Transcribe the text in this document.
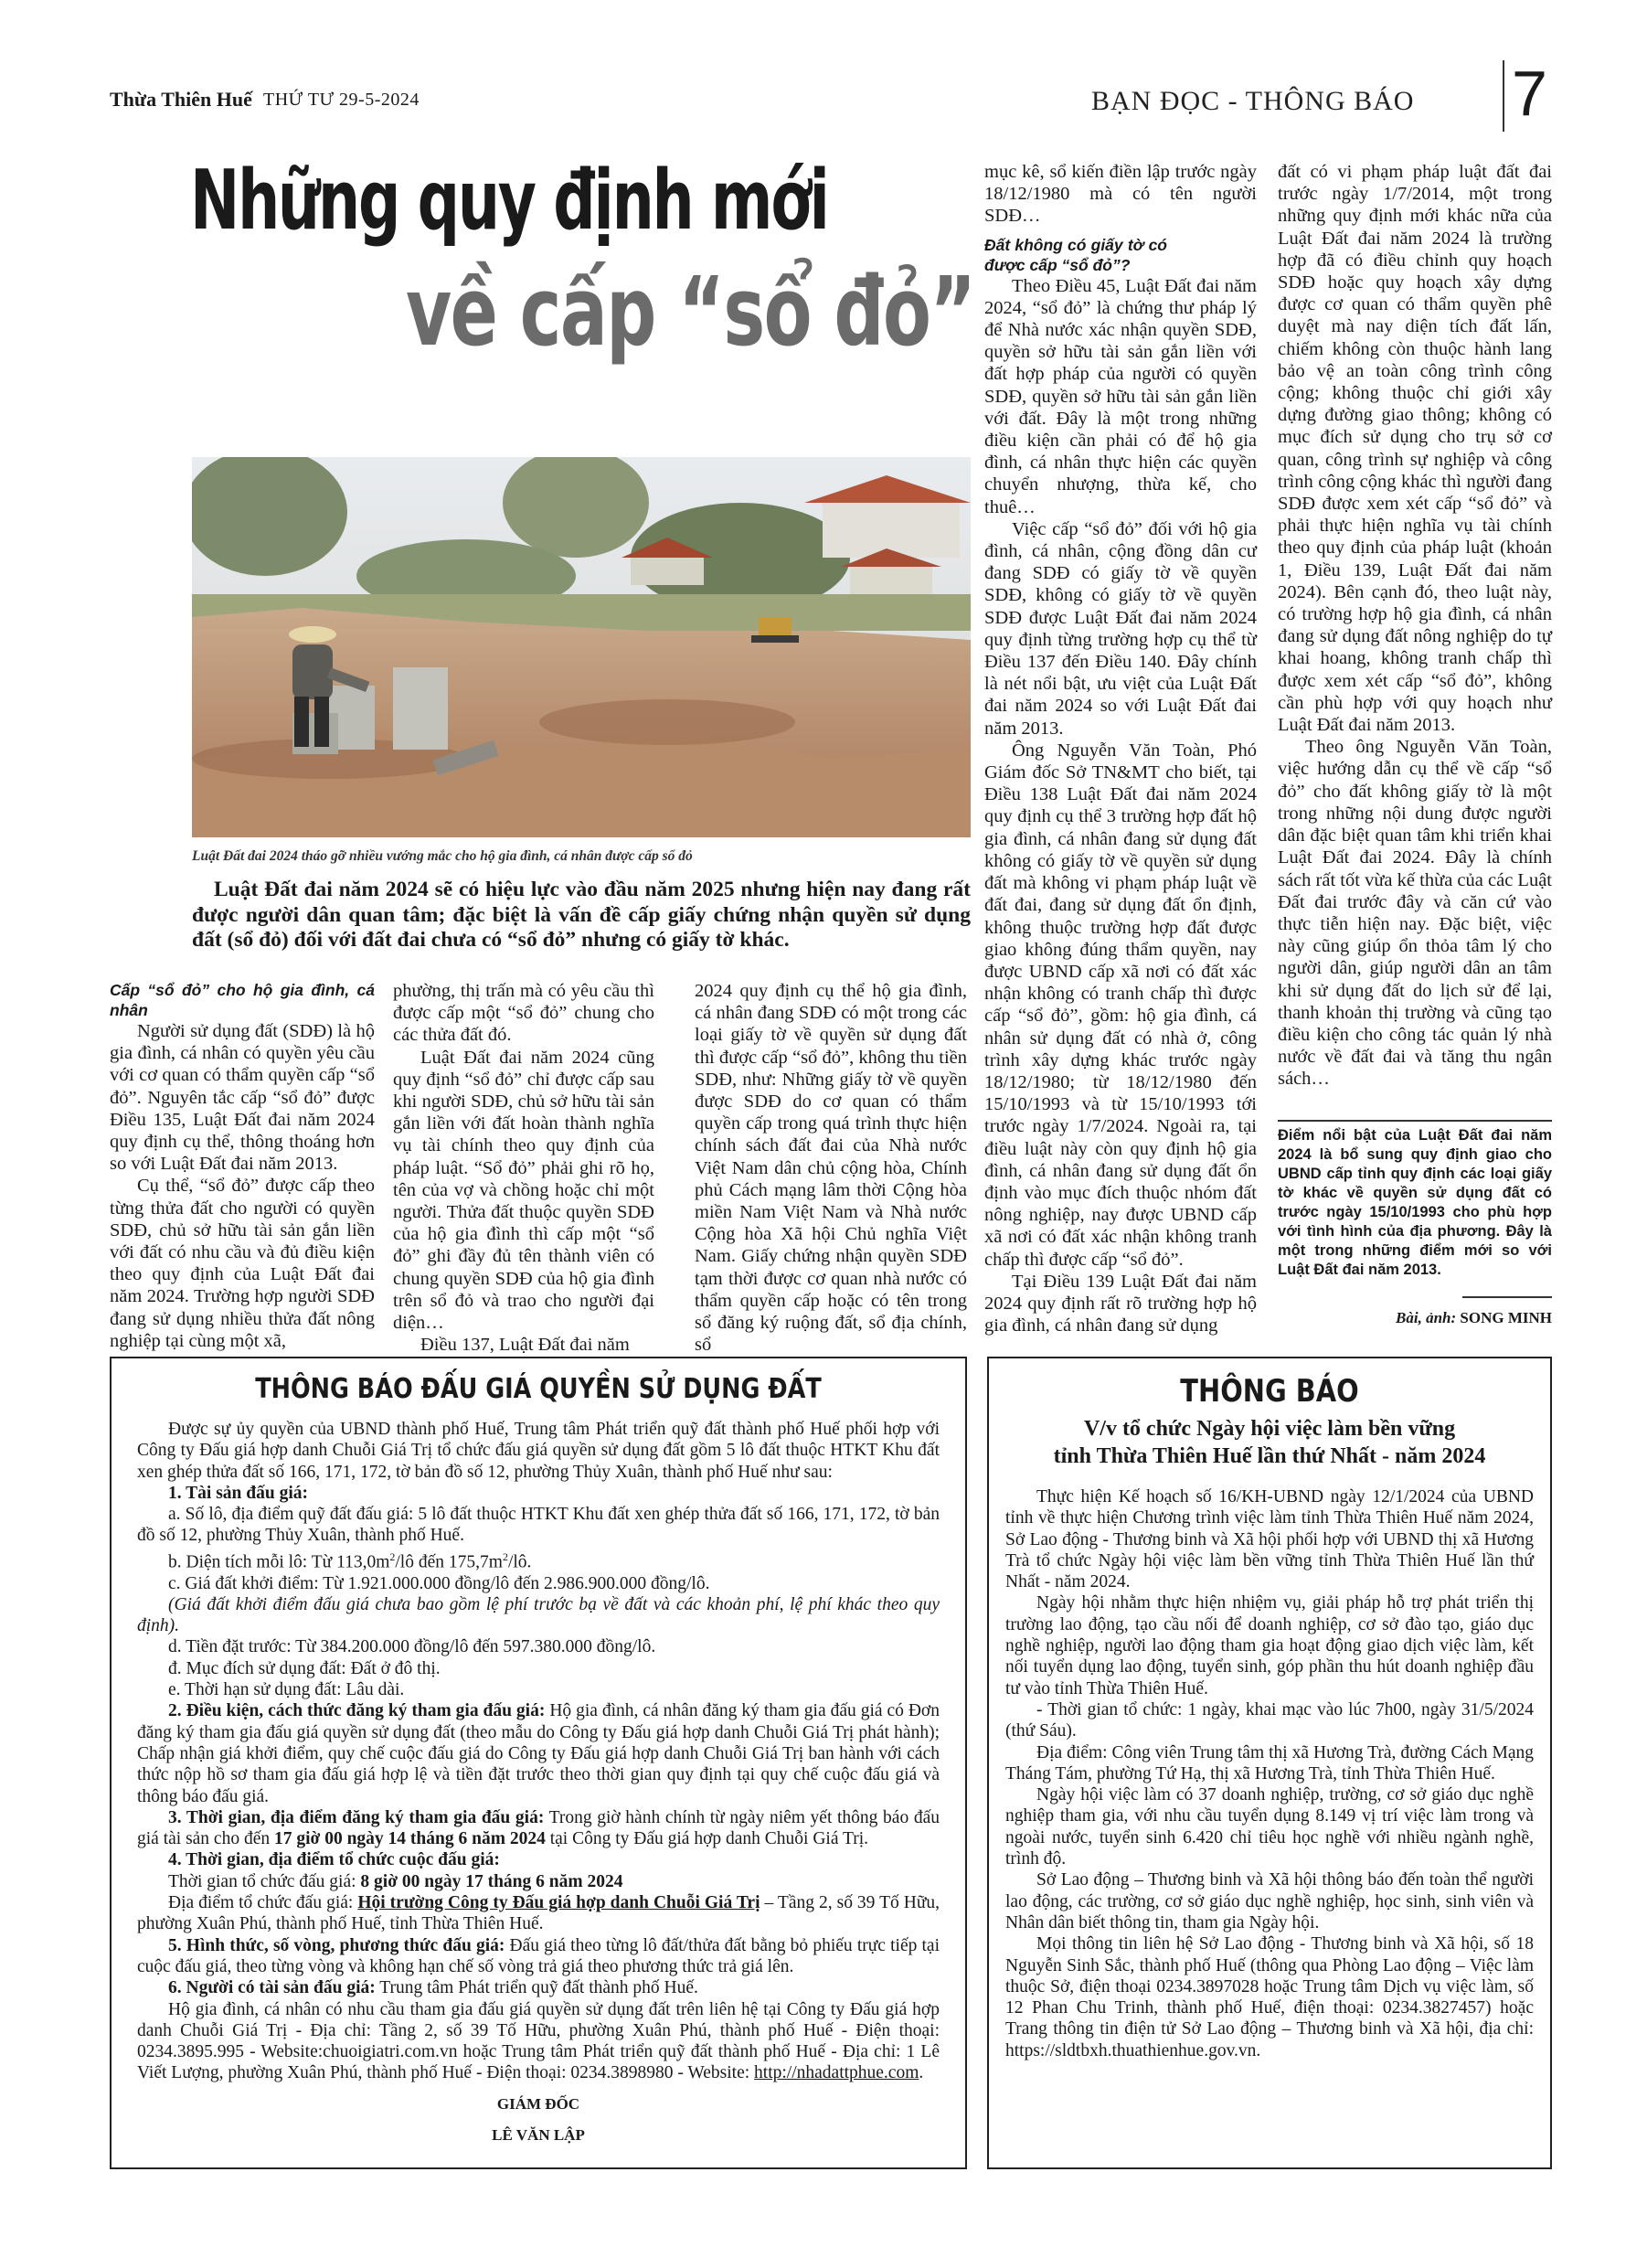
Thừa Thiên Huế THỨ TƯ 29-5-2024	BẠN ĐỌC - THÔNG BÁO 7
Những quy định mới
về cấp “sổ đỏ”
Luật Đất đai 2024 tháo gỡ nhiều vướng mắc cho hộ gia đình, cá nhân được cấp sổ đỏ
Luật Đất đai năm 2024 sẽ có hiệu lực vào đầu năm 2025 nhưng hiện nay đang rất được người dân quan tâm; đặc biệt là vấn đề cấp giấy chứng nhận quyền sử dụng đất (sổ đỏ) đối với đất đai chưa có “sổ đỏ” nhưng có giấy tờ khác.

Cấp “sổ đỏ” cho hộ gia đình, cá nhân

Người sử dụng đất (SDĐ) là hộ gia đình, cá nhân có quyền yêu cầu với cơ quan có thẩm quyền cấp “sổ đỏ”. Nguyên tắc cấp “sổ đỏ” được Điều 135, Luật Đất đai năm 2024 quy định cụ thể, thông thoáng hơn so với Luật Đất đai năm 2013.

Cụ thể, “sổ đỏ” được cấp theo từng thửa đất cho người có quyền SDĐ, chủ sở hữu tài sản gắn liền với đất có nhu cầu và đủ điều kiện theo quy định của Luật Đất đai năm 2024. Trường hợp người SDĐ đang sử dụng nhiều thửa đất nông nghiệp tại cùng một xã,

phường, thị trấn mà có yêu cầu thì được cấp một “sổ đỏ” chung cho các thửa đất đó.

Luật Đất đai năm 2024 cũng quy định “sổ đỏ” chỉ được cấp sau khi người SDĐ, chủ sở hữu tài sản gắn liền với đất hoàn thành nghĩa vụ tài chính theo quy định của pháp luật. “Sổ đỏ” phải ghi rõ họ, tên của vợ và chồng hoặc chỉ một người. Thửa đất thuộc quyền SDĐ của hộ gia đình thì cấp một “sổ đỏ” ghi đầy đủ tên thành viên có chung quyền SDĐ của hộ gia đình trên sổ đỏ và trao cho người đại diện…

Điều 137, Luật Đất đai năm

2024 quy định cụ thể hộ gia đình, cá nhân đang SDĐ có một trong các loại giấy tờ về quyền sử dụng đất thì được cấp “sổ đỏ”, không thu tiền SDĐ, như: Những giấy tờ về quyền được SDĐ do cơ quan có thẩm quyền cấp trong quá trình thực hiện chính sách đất đai của Nhà nước Việt Nam dân chủ cộng hòa, Chính phủ Cách mạng lâm thời Cộng hòa miền Nam Việt Nam và Nhà nước Cộng hòa Xã hội Chủ nghĩa Việt Nam. Giấy chứng nhận quyền SDĐ tạm thời được cơ quan nhà nước có thẩm quyền cấp hoặc có tên trong sổ đăng ký ruộng đất, sổ địa chính, sổ

mục kê, sổ kiến điền lập trước ngày 18/12/1980 mà có tên người SDĐ…

Đất không có giấy tờ có được cấp “sổ đỏ”?

Theo Điều 45, Luật Đất đai năm 2024, “sổ đỏ” là chứng thư pháp lý để Nhà nước xác nhận quyền SDĐ, quyền sở hữu tài sản gắn liền với đất hợp pháp của người có quyền SDĐ, quyền sở hữu tài sản gắn liền với đất. Đây là một trong những điều kiện cần phải có để hộ gia đình, cá nhân thực hiện các quyền chuyển nhượng, thừa kế, cho thuê…

Việc cấp “sổ đỏ” đối với hộ gia đình, cá nhân, cộng đồng dân cư đang SDĐ có giấy tờ về quyền SDĐ, không có giấy tờ về quyền SDĐ được Luật Đất đai năm 2024 quy định từng trường hợp cụ thể từ Điều 137 đến Điều 140. Đây chính là nét nổi bật, ưu việt của Luật Đất đai năm 2024 so với Luật Đất đai năm 2013.

Ông Nguyễn Văn Toàn, Phó Giám đốc Sở TN&MT cho biết, tại Điều 138 Luật Đất đai năm 2024 quy định cụ thể 3 trường hợp đất hộ gia đình, cá nhân đang sử dụng đất không có giấy tờ về quyền sử dụng đất mà không vi phạm pháp luật về đất đai, đang sử dụng đất ổn định, không thuộc trường hợp đất được giao không đúng thẩm quyền, nay được UBND cấp xã nơi có đất xác nhận không có tranh chấp thì được cấp “sổ đỏ”, gồm: hộ gia đình, cá nhân sử dụng đất có nhà ở, công trình xây dựng khác trước ngày 18/12/1980; từ 18/12/1980 đến 15/10/1993 và từ 15/10/1993 tới trước ngày 1/7/2024. Ngoài ra, tại điều luật này còn quy định hộ gia đình, cá nhân đang sử dụng đất ổn định vào mục đích thuộc nhóm đất nông nghiệp, nay được UBND cấp xã nơi có đất xác nhận không tranh chấp thì được cấp “sổ đỏ”.

Tại Điều 139 Luật Đất đai năm 2024 quy định rất rõ trường hợp hộ gia đình, cá nhân đang sử dụng

đất có vi phạm pháp luật đất đai trước ngày 1/7/2014, một trong những quy định mới khác nữa của Luật Đất đai năm 2024 là trường hợp đã có điều chỉnh quy hoạch SDĐ hoặc quy hoạch xây dựng được cơ quan có thẩm quyền phê duyệt mà nay diện tích đất lấn, chiếm không còn thuộc hành lang bảo vệ an toàn công trình công cộng; không thuộc chỉ giới xây dựng đường giao thông; không có mục đích sử dụng cho trụ sở cơ quan, công trình sự nghiệp và công trình công cộng khác thì người đang SDĐ được xem xét cấp “sổ đỏ” và phải thực hiện nghĩa vụ tài chính theo quy định của pháp luật (khoản 1, Điều 139, Luật Đất đai năm 2024). Bên cạnh đó, theo luật này, có trường hợp hộ gia đình, cá nhân đang sử dụng đất nông nghiệp do tự khai hoang, không tranh chấp thì được xem xét cấp “sổ đỏ”, không cần phù hợp với quy hoạch như Luật Đất đai năm 2013.

Theo ông Nguyễn Văn Toàn, việc hướng dẫn cụ thể về cấp “sổ đỏ” cho đất không giấy tờ là một trong những nội dung được người dân đặc biệt quan tâm khi triển khai Luật Đất đai 2024. Đây là chính sách rất tốt vừa kế thừa của các Luật Đất đai trước đây và căn cứ vào thực tiễn hiện nay. Đặc biệt, việc này cũng giúp ổn thỏa tâm lý cho người dân, giúp người dân an tâm khi sử dụng đất do lịch sử để lại, thanh khoản thị trường và cũng tạo điều kiện cho công tác quản lý nhà nước về đất đai và tăng thu ngân sách…

Điểm nổi bật của Luật Đất đai năm 2024 là bổ sung quy định giao cho UBND cấp tỉnh quy định các loại giấy tờ khác về quyền sử dụng đất có trước ngày 15/10/1993 cho phù hợp với tình hình của địa phương. Đây là một trong những điểm mới so với Luật Đất đai năm 2013.
Bài, ảnh: SONG MINH
THÔNG BÁO ĐẤU GIÁ QUYỀN SỬ DỤNG ĐẤT

Được sự ủy quyền của UBND thành phố Huế, Trung tâm Phát triển quỹ đất thành phố Huế phối hợp với Công ty Đấu giá hợp danh Chuỗi Giá Trị tổ chức đấu giá quyền sử dụng đất gồm 5 lô đất thuộc HTKT Khu đất xen ghép thửa đất số 166, 171, 172, tờ bản đồ số 12, phường Thủy Xuân, thành phố Huế như sau:

1. Tài sản đấu giá:

a. Số lô, địa điểm quỹ đất đấu giá: 5 lô đất thuộc HTKT Khu đất xen ghép thửa đất số 166, 171, 172, tờ bản đồ số 12, phường Thủy Xuân, thành phố Huế.

b. Diện tích mỗi lô: Từ $113,0m^2/lô$ đến $175,7m^2/lô$.

c. Giá đất khởi điểm: Từ 1.921.000.000 đồng/lô đến 2.986.900.000 đồng/lô.

(Giá đất khởi điểm đấu giá chưa bao gồm lệ phí trước bạ về đất và các khoản phí, lệ phí khác theo quy định).

d. Tiền đặt trước: Từ 384.200.000 đồng/lô đến 597.380.000 đồng/lô.

đ. Mục đích sử dụng đất: Đất ở đô thị.

e. Thời hạn sử dụng đất: Lâu dài.

2. Điều kiện, cách thức đăng ký tham gia đấu giá: Hộ gia đình, cá nhân đăng ký tham gia đấu giá có Đơn đăng ký tham gia đấu giá quyền sử dụng đất (theo mẫu do Công ty Đấu giá hợp danh Chuỗi Giá Trị phát hành); Chấp nhận giá khởi điểm, quy chế cuộc đấu giá do Công ty Đấu giá hợp danh Chuỗi Giá Trị ban hành với cách thức nộp hồ sơ tham gia đấu giá hợp lệ và tiền đặt trước theo thời gian quy định tại quy chế cuộc đấu giá và thông báo đấu giá.

3. Thời gian, địa điểm đăng ký tham gia đấu giá: Trong giờ hành chính từ ngày niêm yết thông báo đấu giá tài sản cho đến 17 giờ 00 ngày 14 tháng 6 năm 2024 tại Công ty Đấu giá hợp danh Chuỗi Giá Trị.

4. Thời gian, địa điểm tổ chức cuộc đấu giá:

Thời gian tổ chức đấu giá: 8 giờ 00 ngày 17 tháng 6 năm 2024

Địa điểm tổ chức đấu giá: Hội trường Công ty Đấu giá hợp danh Chuỗi Giá Trị – Tầng 2, số 39 Tố Hữu, phường Xuân Phú, thành phố Huế, tỉnh Thừa Thiên Huế.

5. Hình thức, số vòng, phương thức đấu giá: Đấu giá theo từng lô đất/thửa đất bằng bỏ phiếu trực tiếp tại cuộc đấu giá, theo từng vòng và không hạn chế số vòng trả giá theo phương thức trả giá lên.

6. Người có tài sản đấu giá: Trung tâm Phát triển quỹ đất thành phố Huế.

Hộ gia đình, cá nhân có nhu cầu tham gia đấu giá quyền sử dụng đất trên liên hệ tại Công ty Đấu giá hợp danh Chuỗi Giá Trị - Địa chỉ: Tầng 2, số 39 Tố Hữu, phường Xuân Phú, thành phố Huế - Điện thoại: 0234.3895.995 - Website:chuoigiatri.com.vn hoặc Trung tâm Phát triển quỹ đất thành phố Huế - Địa chỉ: 1 Lê Viết Lượng, phường Xuân Phú, thành phố Huế - Điện thoại: 0234.3898980 - Website: http://nhadattphue.com.

GIÁM ĐỐC
LÊ VĂN LẬP
THÔNG BÁO
V/v tổ chức Ngày hội việc làm bền vững
tỉnh Thừa Thiên Huế lần thứ Nhất - năm 2024

Thực hiện Kế hoạch số 16/KH-UBND ngày 12/1/2024 của UBND tỉnh về thực hiện Chương trình việc làm tỉnh Thừa Thiên Huế năm 2024, Sở Lao động - Thương binh và Xã hội phối hợp với UBND thị xã Hương Trà tổ chức Ngày hội việc làm bền vững tỉnh Thừa Thiên Huế lần thứ Nhất - năm 2024.

Ngày hội nhằm thực hiện nhiệm vụ, giải pháp hỗ trợ phát triển thị trường lao động, tạo cầu nối để doanh nghiệp, cơ sở đào tạo, giáo dục nghề nghiệp, người lao động tham gia hoạt động giao dịch việc làm, kết nối tuyển dụng lao động, tuyển sinh, góp phần thu hút doanh nghiệp đầu tư vào tỉnh Thừa Thiên Huế.

- Thời gian tổ chức: 1 ngày, khai mạc vào lúc 7h00, ngày 31/5/2024 (thứ Sáu).

Địa điểm: Công viên Trung tâm thị xã Hương Trà, đường Cách Mạng Tháng Tám, phường Tứ Hạ, thị xã Hương Trà, tỉnh Thừa Thiên Huế.

Ngày hội việc làm có 37 doanh nghiệp, trường, cơ sở giáo dục nghề nghiệp tham gia, với nhu cầu tuyển dụng 8.149 vị trí việc làm trong và ngoài nước, tuyển sinh 6.420 chỉ tiêu học nghề với nhiều ngành nghề, trình độ.

Sở Lao động – Thương binh và Xã hội thông báo đến toàn thể người lao động, các trường, cơ sở giáo dục nghề nghiệp, học sinh, sinh viên và Nhân dân biết thông tin, tham gia Ngày hội.

Mọi thông tin liên hệ Sở Lao động - Thương binh và Xã hội, số 18 Nguyễn Sinh Sắc, thành phố Huế (thông qua Phòng Lao động – Việc làm thuộc Sở, điện thoại 0234.3897028 hoặc Trung tâm Dịch vụ việc làm, số 12 Phan Chu Trinh, thành phố Huế, điện thoại: 0234.3827457) hoặc Trang thông tin điện tử Sở Lao động – Thương binh và Xã hội, địa chỉ: https://sldtbxh.thuathienhue.gov.vn.
